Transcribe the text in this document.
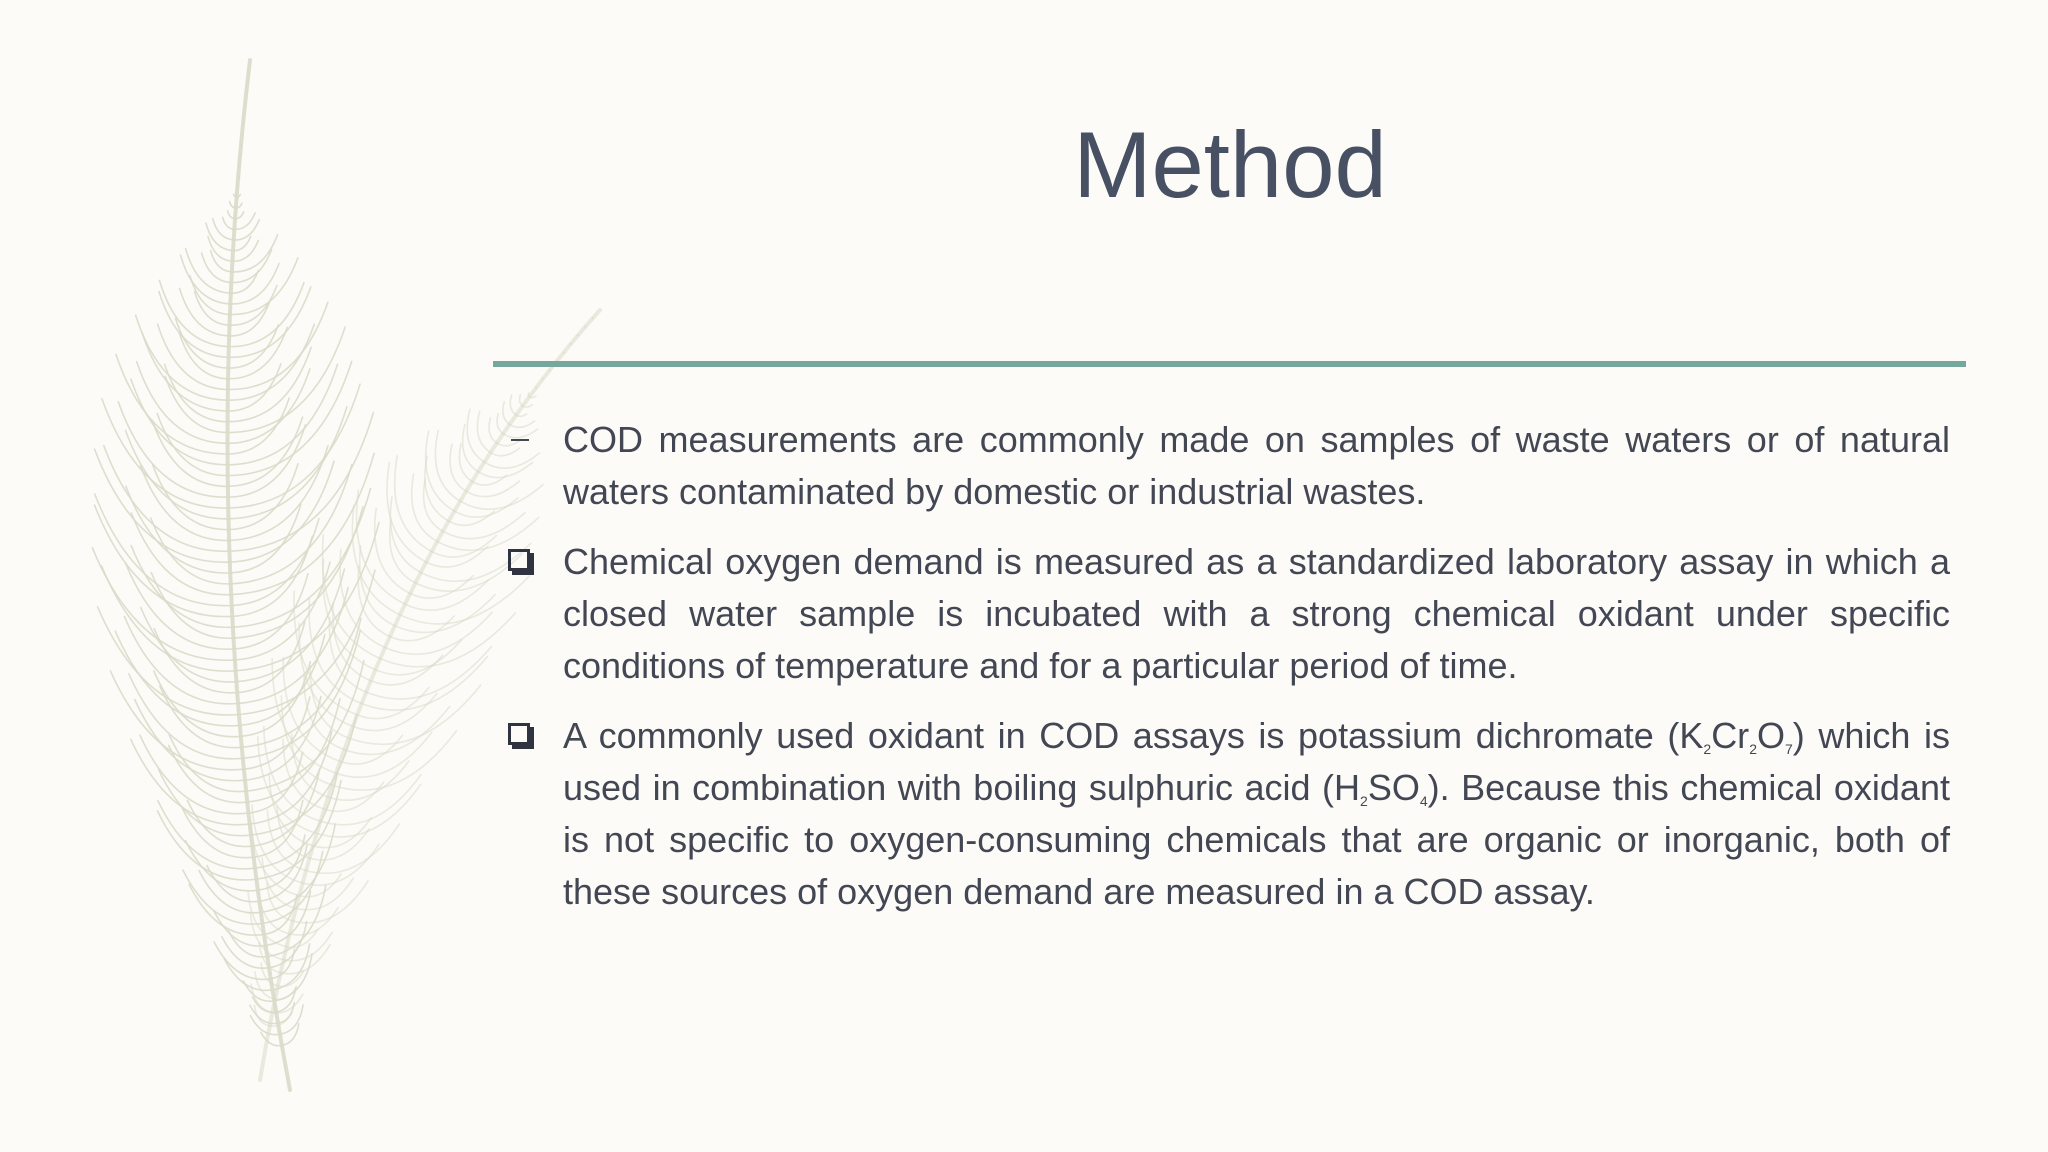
Method
COD measurements are commonly made on samples of waste waters or of natural waters contaminated by domestic or industrial wastes.
Chemical oxygen demand is measured as a standardized laboratory assay in which a closed water sample is incubated with a strong chemical oxidant under specific conditions of temperature and for a particular period of time.
A commonly used oxidant in COD assays is potassium dichromate $(K_2Cr_2O_7)$ which is used in combination with boiling sulphuric acid $(H_2SO_4)$. Because this chemical oxidant is not specific to oxygen-consuming chemicals that are organic or inorganic, both of these sources of oxygen demand are measured in a COD assay.
